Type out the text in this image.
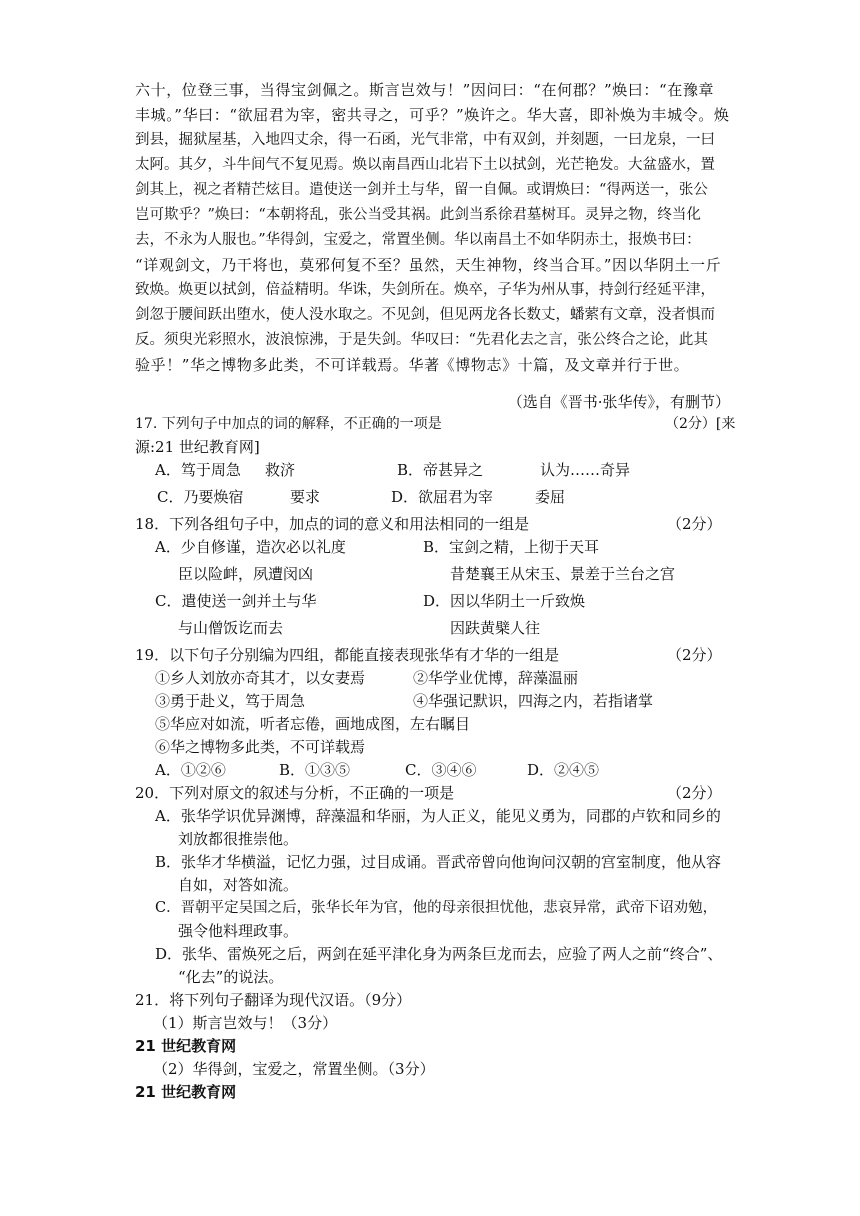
六十，位登三事，当得宝剑佩之。斯言岂效与！”因问曰：“在何郡？”焕曰：“在豫章
丰城。”华曰：“欲屈君为宰，密共寻之，可乎？”焕许之。华大喜，即补焕为丰城令。焕
到县，掘狱屋基，入地四丈余，得一石函，光气非常，中有双剑，并刻题，一曰龙泉，一曰
太阿。其夕，斗牛间气不复见焉。焕以南昌西山北岩下土以拭剑，光芒艳发。大盆盛水，置
剑其上，视之者精芒炫目。遣使送一剑并土与华，留一自佩。或谓焕曰：“得两送一，张公
岂可欺乎？”焕曰：“本朝将乱，张公当受其祸。此剑当系徐君墓树耳。灵异之物，终当化
去，不永为人服也。”华得剑，宝爱之，常置坐侧。华以南昌土不如华阴赤土，报焕书曰：
“详观剑文，乃干将也，莫邪何复不至？虽然，天生神物，终当合耳。”因以华阴土一斤
致焕。焕更以拭剑，倍益精明。华诛，失剑所在。焕卒，子华为州从事，持剑行经延平津，
剑忽于腰间跃出堕水，使人没水取之。不见剑，但见两龙各长数丈，蟠萦有文章，没者惧而
反。须臾光彩照水，波浪惊沸，于是失剑。华叹曰：“先君化去之言，张公终合之论，此其
验乎！”华之博物多此类，不可详载焉。华著《博物志》十篇，及文章并行于世。
（选自《晋书·张华传》，有删节）
17. 下列句子中加点的词的解释，不正确的一项是	（2分）[来
源:21 世纪教育网]
A．笃于周急 救济	B．帝甚异之	认为……奇异
C．乃要焕宿	要求	D．欲屈君为宰	委屈
18．下列各组句子中，加点的词的意义和用法相同的一组是	（2分）
A．少自修谨，造次必以礼度	B．宝剑之精，上彻于天耳
臣以险衅，夙遭闵凶	昔楚襄王从宋玉、景差于兰台之宫
C．遣使送一剑并土与华	D．因以华阴土一斤致焕
与山僧饭讫而去	因趺黄檗人往
19．以下句子分别编为四组，都能直接表现张华有才华的一组是	（2分）
①乡人刘放亦奇其才，以女妻焉	②华学业优博，辞藻温丽
③勇于赴义，笃于周急	④华强记默识，四海之内，若指诸掌
⑤华应对如流，听者忘倦，画地成图，左右瞩目
⑥华之博物多此类，不可详载焉
A．①②⑥	B．①③⑤	C．③④⑥	D．②④⑤
20．下列对原文的叙述与分析，不正确的一项是	（2分）
A．张华学识优异渊博，辞藻温和华丽，为人正义，能见义勇为，同郡的卢钦和同乡的
刘放都很推崇他。
B．张华才华横溢，记忆力强，过目成诵。晋武帝曾向他询问汉朝的宫室制度，他从容
自如，对答如流。
C．晋朝平定吴国之后，张华长年为官，他的母亲很担忧他，悲哀异常，武帝下诏劝勉，
强令他料理政事。
D．张华、雷焕死之后，两剑在延平津化身为两条巨龙而去，应验了两人之前“终合”、
“化去”的说法。
21．将下列句子翻译为现代汉语。（9分）
（1）斯言岂效与！（3分）
21 世纪教育网
（2）华得剑，宝爱之，常置坐侧。（3分）
21 世纪教育网
